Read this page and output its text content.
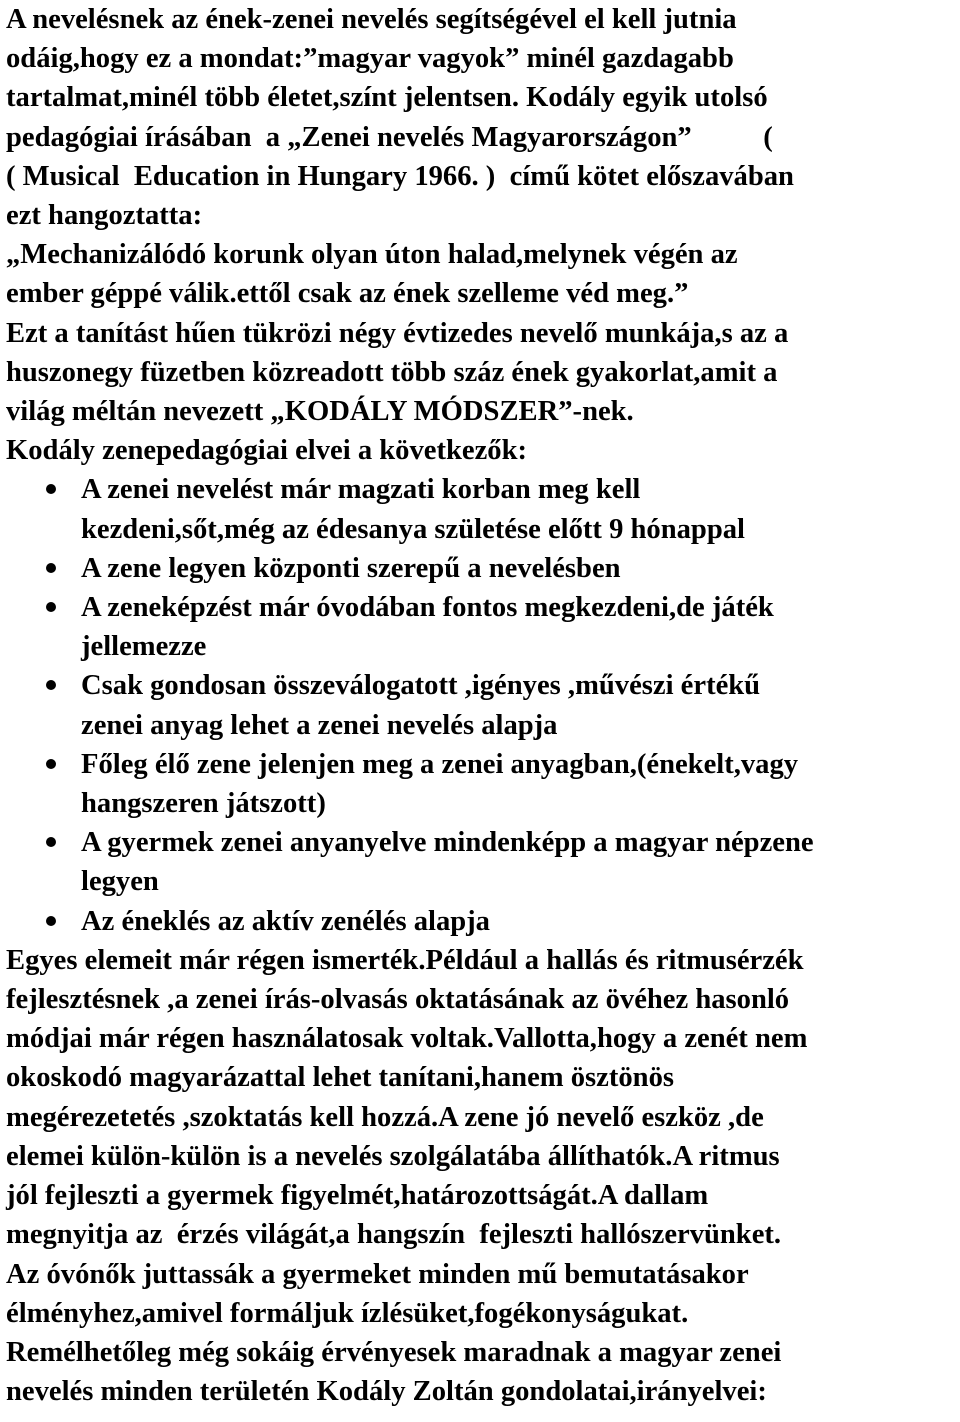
A nevelésnek az ének-zenei nevelés segítségével el kell jutnia
odáig,hogy ez a mondat:”magyar vagyok” minél gazdagabb
tartalmat,minél több életet,színt jelentsen. Kodály egyik utolsó
pedagógiai írásában  a „Zenei nevelés Magyarországon”          (
( Musical  Education in Hungary 1966. )  című kötet előszavában
ezt hangoztatta:
„Mechanizálódó korunk olyan úton halad,melynek végén az
ember géppé válik.ettől csak az ének szelleme véd meg.”
Ezt a tanítást hűen tükrözi négy évtizedes nevelő munkája,s az a
huszonegy füzetben közreadott több száz ének gyakorlat,amit a
világ méltán nevezett „KODÁLY MÓDSZER”-nek.
Kodály zenepedagógiai elvei a következők:
A zenei nevelést már magzati korban meg kell
kezdeni,sőt,még az édesanya születése előtt 9 hónappal
A zene legyen központi szerepű a nevelésben
A zeneképzést már óvodában fontos megkezdeni,de játék
jellemezze
Csak gondosan összeválogatott ,igényes ,művészi értékű
zenei anyag lehet a zenei nevelés alapja
Főleg élő zene jelenjen meg a zenei anyagban,(énekelt,vagy
hangszeren játszott)
A gyermek zenei anyanyelve mindenképp a magyar népzene
legyen
Az éneklés az aktív zenélés alapja
Egyes elemeit már régen ismerték.Például a hallás és ritmusérzék
fejlesztésnek ,a zenei írás-olvasás oktatásának az övéhez hasonló
módjai már régen használatosak voltak.Vallotta,hogy a zenét nem
okoskodó magyarázattal lehet tanítani,hanem ösztönös
megérezetetés ,szoktatás kell hozzá.A zene jó nevelő eszköz ,de
elemei külön-külön is a nevelés szolgálatába állíthatók.A ritmus
jól fejleszti a gyermek figyelmét,határozottságát.A dallam
megnyitja az  érzés világát,a hangszín  fejleszti hallószervünket.
Az óvónők juttassák a gyermeket minden mű bemutatásakor
élményhez,amivel formáljuk ízlésüket,fogékonyságukat.
Remélhetőleg még sokáig érvényesek maradnak a magyar zenei
nevelés minden területén Kodály Zoltán gondolatai,irányelvei:
